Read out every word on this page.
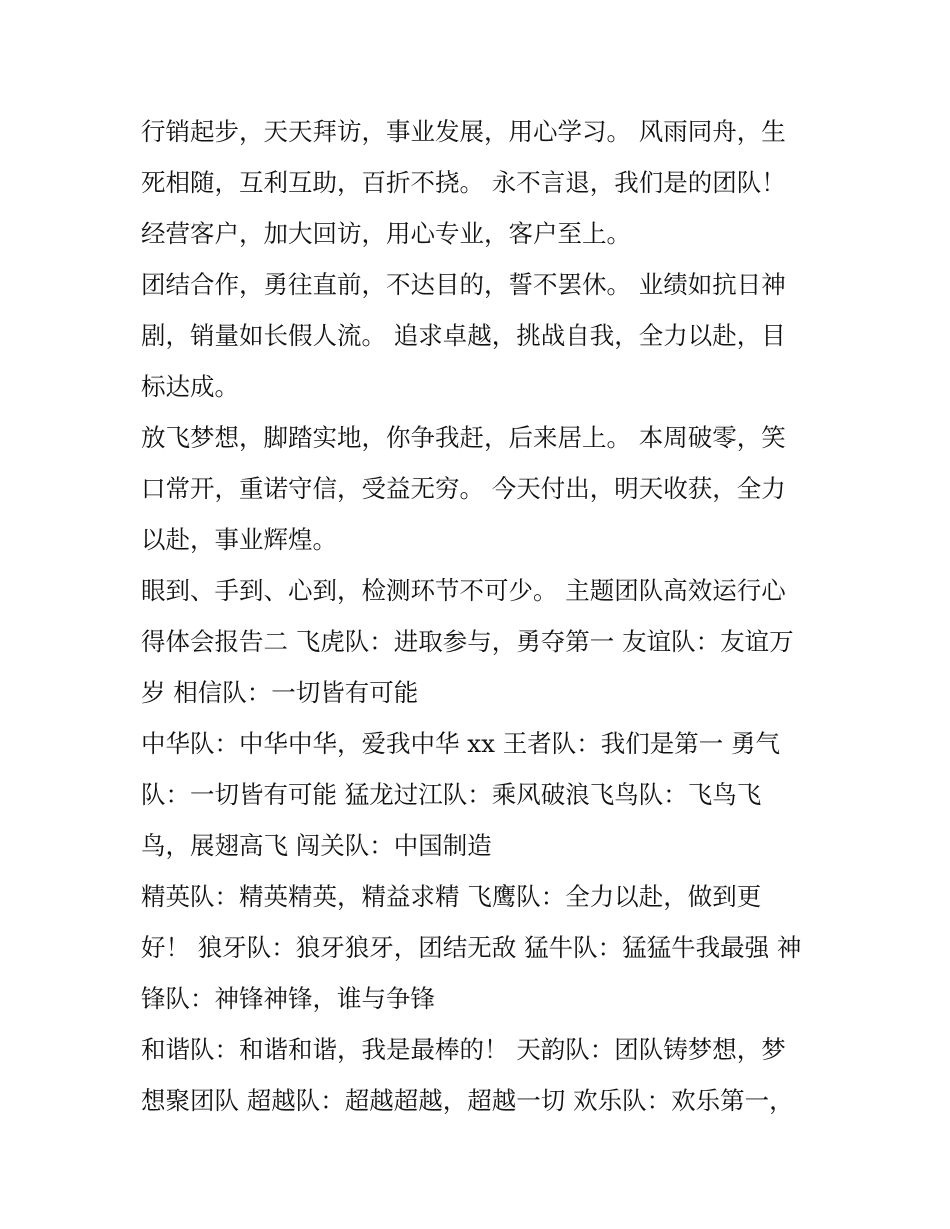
行销起步，天天拜访，事业发展，用心学习。 风雨同舟，生
死相随，互利互助，百折不挠。 永不言退，我们是的团队！
经营客户，加大回访，用心专业，客户至上。
团结合作，勇往直前，不达目的，誓不罢休。 业绩如抗日神
剧，销量如长假人流。 追求卓越，挑战自我，全力以赴，目
标达成。
放飞梦想，脚踏实地，你争我赶，后来居上。 本周破零，笑
口常开，重诺守信，受益无穷。 今天付出，明天收获，全力
以赴，事业辉煌。
眼到、手到、心到，检测环节不可少。 主题团队高效运行心
得体会报告二 飞虎队：进取参与，勇夺第一 友谊队：友谊万
岁 相信队：一切皆有可能
中华队：中华中华，爱我中华 xx 王者队：我们是第一 勇气
队：一切皆有可能 猛龙过江队：乘风破浪飞鸟队：飞鸟飞
鸟，展翅高飞 闯关队：中国制造
精英队：精英精英，精益求精 飞鹰队：全力以赴，做到更
好！ 狼牙队：狼牙狼牙，团结无敌 猛牛队：猛猛牛我最强 神
锋队：神锋神锋，谁与争锋
和谐队：和谐和谐，我是最棒的！ 天韵队：团队铸梦想，梦
想聚团队 超越队：超越超越，超越一切 欢乐队：欢乐第一，
